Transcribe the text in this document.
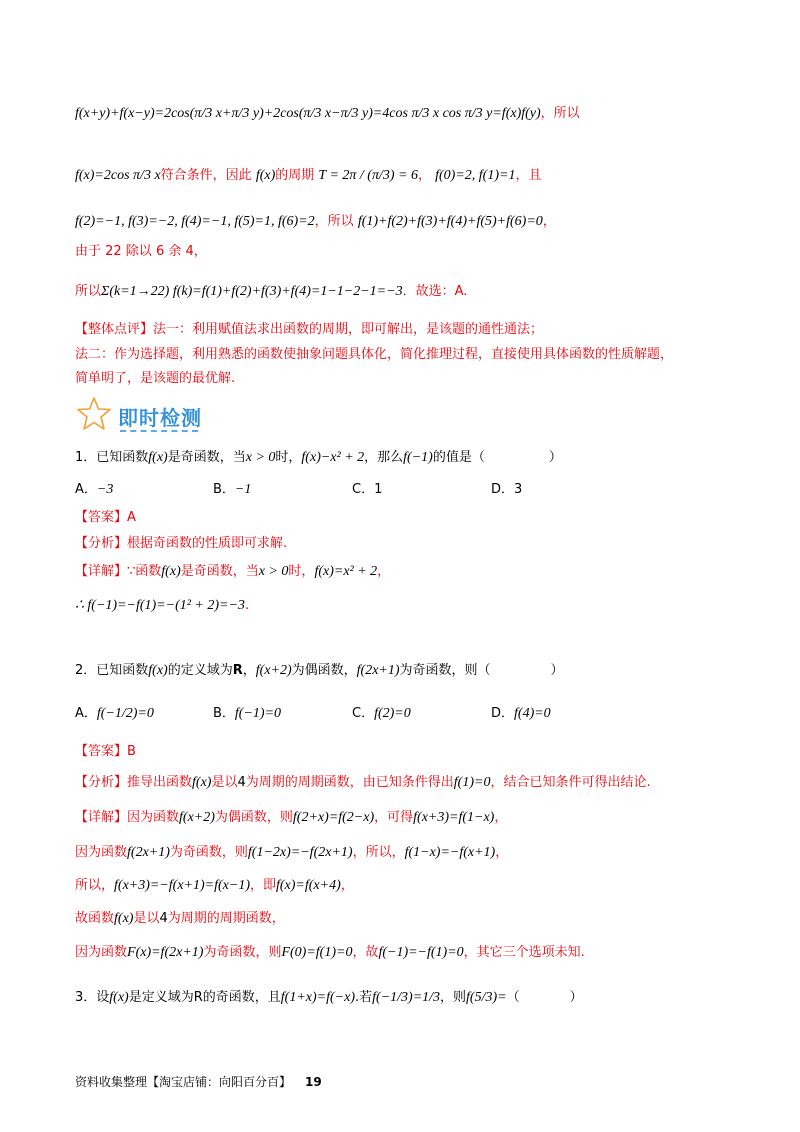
f(x+y)+f(x−y)=2cos(π/3 x+π/3 y)+2cos(π/3 x−π/3 y)=4cos π/3 x cos π/3 y=f(x)f(y)，所以
f(x)=2cos π/3 x符合条件，因此 f(x)的周期 T = 2π / (π/3) = 6， f(0)=2, f(1)=1，且
f(2)=−1, f(3)=−2, f(4)=−1, f(5)=1, f(6)=2，所以 f(1)+f(2)+f(3)+f(4)+f(5)+f(6)=0，
由于 22 除以 6 余 4，
所以Σ(k=1→22) f(k)=f(1)+f(2)+f(3)+f(4)=1−1−2−1=−3．故选：A.
【整体点评】法一：利用赋值法求出函数的周期，即可解出，是该题的通性通法；
法二：作为选择题，利用熟悉的函数使抽象问题具体化，简化推理过程，直接使用具体函数的性质解题，
简单明了，是该题的最优解.
即时检测
1．已知函数f(x)是奇函数，当x > 0时，f(x)−x² + 2，那么f(−1)的值是（	）
A．−3	B．−1	C．1	D．3
【答案】A
【分析】根据奇函数的性质即可求解.
【详解】∵函数f(x)是奇函数，当x > 0时，f(x)=x² + 2，
∴ f(−1)=−f(1)=−(1² + 2)=−3.
2．已知函数f(x)的定义域为R，f(x+2)为偶函数，f(2x+1)为奇函数，则（	）
A．f(−1/2)=0	B．f(−1)=0	C．f(2)=0	D．f(4)=0
【答案】B
【分析】推导出函数f(x)是以4为周期的周期函数，由已知条件得出f(1)=0，结合已知条件可得出结论.
【详解】因为函数f(x+2)为偶函数，则f(2+x)=f(2−x)，可得f(x+3)=f(1−x)，
因为函数f(2x+1)为奇函数，则f(1−2x)=−f(2x+1)，所以，f(1−x)=−f(x+1)，
所以，f(x+3)=−f(x+1)=f(x−1)，即f(x)=f(x+4)，
故函数f(x)是以4为周期的周期函数，
因为函数F(x)=f(2x+1)为奇函数，则F(0)=f(1)=0，故f(−1)=−f(1)=0，其它三个选项未知.
3．设f(x)是定义域为R的奇函数，且f(1+x)=f(−x).若f(−1/3)=1/3，则f(5/3)=（	）
资料收集整理【淘宝店铺：向阳百分百】 19
